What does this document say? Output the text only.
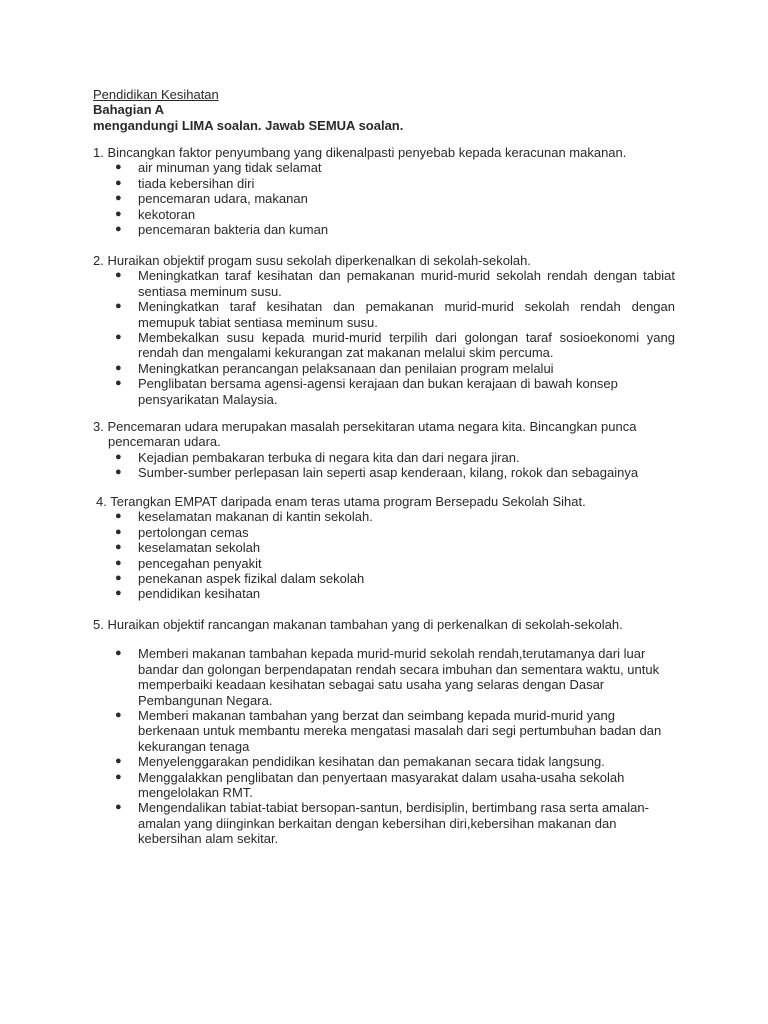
Pendidikan Kesihatan
Bahagian A
mengandungi LIMA soalan. Jawab SEMUA soalan.
1. Bincangkan faktor penyumbang yang dikenalpasti penyebab kepada keracunan makanan.
● air minuman yang tidak selamat
● tiada kebersihan diri
● pencemaran udara, makanan
● kekotoran
● pencemaran bakteria dan kuman
2. Huraikan objektif progam susu sekolah diperkenalkan di sekolah-sekolah.
● Meningkatkan taraf kesihatan dan pemakanan murid-murid sekolah rendah dengan tabiat sentiasa meminum susu.
● Meningkatkan taraf kesihatan dan pemakanan murid-murid sekolah rendah dengan memupuk tabiat sentiasa meminum susu.
● Membekalkan susu kepada murid-murid terpilih dari golongan taraf sosioekonomi yang rendah dan mengalami kekurangan zat makanan melalui skim percuma.
● Meningkatkan perancangan pelaksanaan dan penilaian program melalui
● Penglibatan bersama agensi-agensi kerajaan dan bukan kerajaan di bawah konsep pensyarikatan Malaysia.
3. Pencemaran udara merupakan masalah persekitaran utama negara kita. Bincangkan punca pencemaran udara.
● Kejadian pembakaran terbuka di negara kita dan dari negara jiran.
● Sumber-sumber perlepasan lain seperti asap kenderaan, kilang, rokok dan sebagainya
4. Terangkan EMPAT daripada enam teras utama program Bersepadu Sekolah Sihat.
● keselamatan makanan di kantin sekolah.
● pertolongan cemas
● keselamatan sekolah
● pencegahan penyakit
● penekanan aspek fizikal dalam sekolah
● pendidikan kesihatan
5. Huraikan objektif rancangan makanan tambahan yang di perkenalkan di sekolah-sekolah.
● Memberi makanan tambahan kepada murid-murid sekolah rendah,terutamanya dari luar bandar dan golongan berpendapatan rendah secara imbuhan dan sementara waktu, untuk memperbaiki keadaan kesihatan sebagai satu usaha yang selaras dengan Dasar Pembangunan Negara.
● Memberi makanan tambahan yang berzat dan seimbang kepada murid-murid yang berkenaan untuk membantu mereka mengatasi masalah dari segi pertumbuhan badan dan kekurangan tenaga
● Menyelenggarakan pendidikan kesihatan dan pemakanan secara tidak langsung.
● Menggalakkan penglibatan dan penyertaan masyarakat dalam usaha-usaha sekolah mengelolakan RMT.
● Mengendalikan tabiat-tabiat bersopan-santun, berdisiplin, bertimbang rasa serta amalan-amalan yang diinginkan berkaitan dengan kebersihan diri,kebersihan makanan dan kebersihan alam sekitar.
